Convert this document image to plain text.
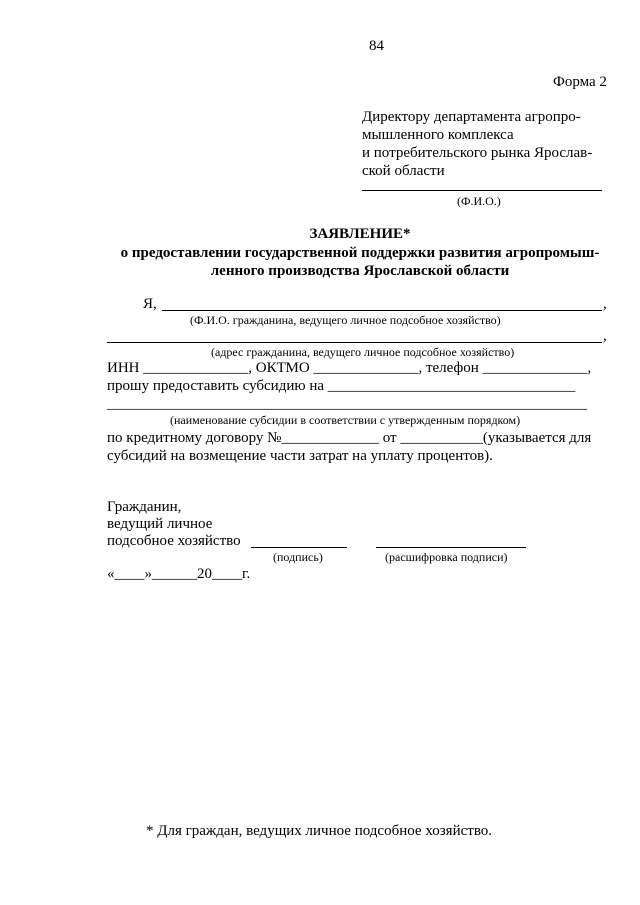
84
Форма 2
Директору департамента агропро-
мышленного комплекса
и потребительского рынка Ярослав-
ской области
(Ф.И.О.)
ЗАЯВЛЕНИЕ*
о предоставлении государственной поддержки развития агропромыш-
ленного производства Ярославской области
Я,	,
(Ф.И.О. гражданина, ведущего личное подсобное хозяйство)
,
(адрес гражданина, ведущего личное подсобное хозяйство)
ИНН ______________, ОКТМО ______________, телефон ______________,
прошу предоставить субсидию на _________________________________
________________________________________________________________
(наименование субсидии в соответствии с утвержденным порядком)
по кредитному договору №_____________ от ___________(указывается для
субсидий на возмещение части затрат на уплату процентов).
Гражданин,
ведущий личное
подсобное хозяйство
(подпись)	(расшифровка подписи)
«____»______20____г.
* Для граждан, ведущих личное подсобное хозяйство.
